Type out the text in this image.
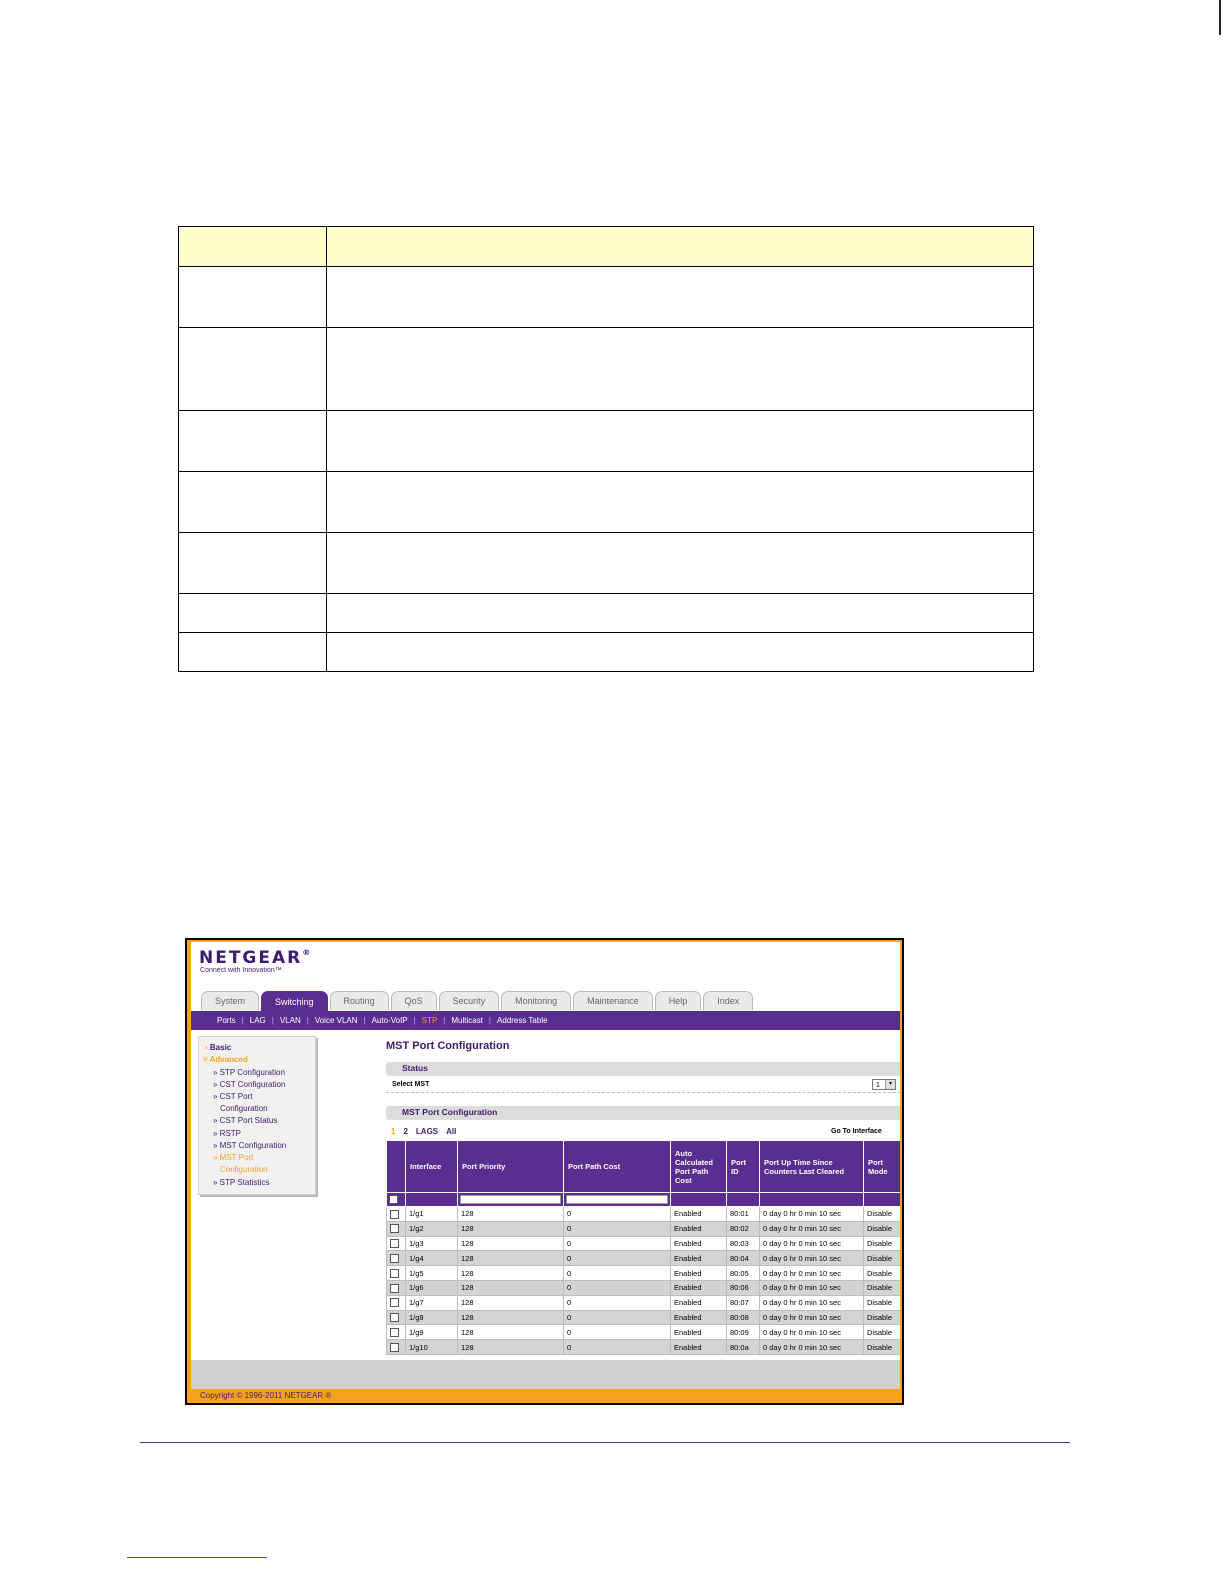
NETGEAR®
Connect with Innovation™
System	Switching	Routing	QoS	Security	Monitoring	Maintenance	Help	Index
Ports | LAG | VLAN | Voice VLAN | Auto-VoIP | STP | Multicast | Address Table
› Basic
˅ Advanced
» STP Configuration
» CST Configuration
» CST Port
Configuration
» CST Port Status
» RSTP
» MST Configuration
» MST Port
Configuration
» STP Statistics
MST Port Configuration
Status
Select MST	1	▾
MST Port Configuration
1 2 LAGS All	Go To Interface
	Interface	Port Priority	Port Path Cost	Auto Calculated Port Path Cost	Port ID	Port Up Time Since Counters Last Cleared	Port Mode

	1/g1	128	0	Enabled	80:01	0 day 0 hr 0 min 10 sec	Disable
	1/g2	128	0	Enabled	80:02	0 day 0 hr 0 min 10 sec	Disable
	1/g3	128	0	Enabled	80:03	0 day 0 hr 0 min 10 sec	Disable
	1/g4	128	0	Enabled	80:04	0 day 0 hr 0 min 10 sec	Disable
	1/g5	128	0	Enabled	80:05	0 day 0 hr 0 min 10 sec	Disable
	1/g6	128	0	Enabled	80:06	0 day 0 hr 0 min 10 sec	Disable
	1/g7	128	0	Enabled	80:07	0 day 0 hr 0 min 10 sec	Disable
	1/g8	128	0	Enabled	80:08	0 day 0 hr 0 min 10 sec	Disable
	1/g9	128	0	Enabled	80:09	0 day 0 hr 0 min 10 sec	Disable
	1/g10	128	0	Enabled	80:0a	0 day 0 hr 0 min 10 sec	Disable
Copyright © 1996-2011 NETGEAR ®
